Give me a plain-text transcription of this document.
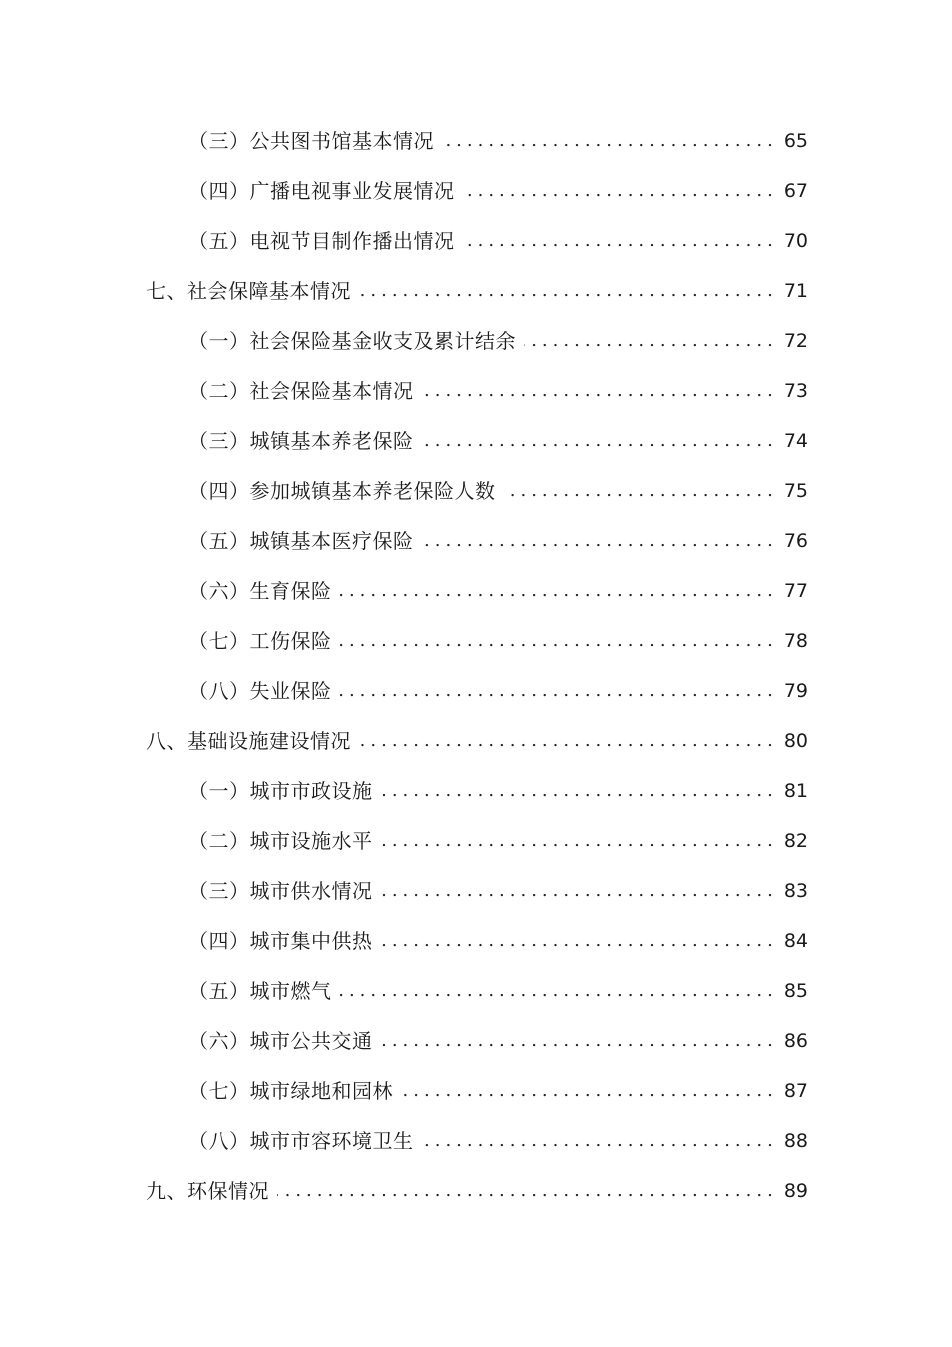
（三）公共图书馆基本情况 .....	65
（四）广播电视事业发展情况 .....	67
（五）电视节目制作播出情况 .....	70
七、社会保障基本情况 .....	71
（一）社会保险基金收支及累计结余 .....	72
（二）社会保险基本情况 .....	73
（三）城镇基本养老保险 .....	74
（四）参加城镇基本养老保险人数 .....	75
（五）城镇基本医疗保险 .....	76
（六）生育保险 .....	77
（七）工伤保险 .....	78
（八）失业保险 .....	79
八、基础设施建设情况 .....	80
（一）城市市政设施 .....	81
（二）城市设施水平 .....	82
（三）城市供水情况 .....	83
（四）城市集中供热 .....	84
（五）城市燃气 .....	85
（六）城市公共交通 .....	86
（七）城市绿地和园林 .....	87
（八）城市市容环境卫生 .....	88
九、环保情况 .....	89
